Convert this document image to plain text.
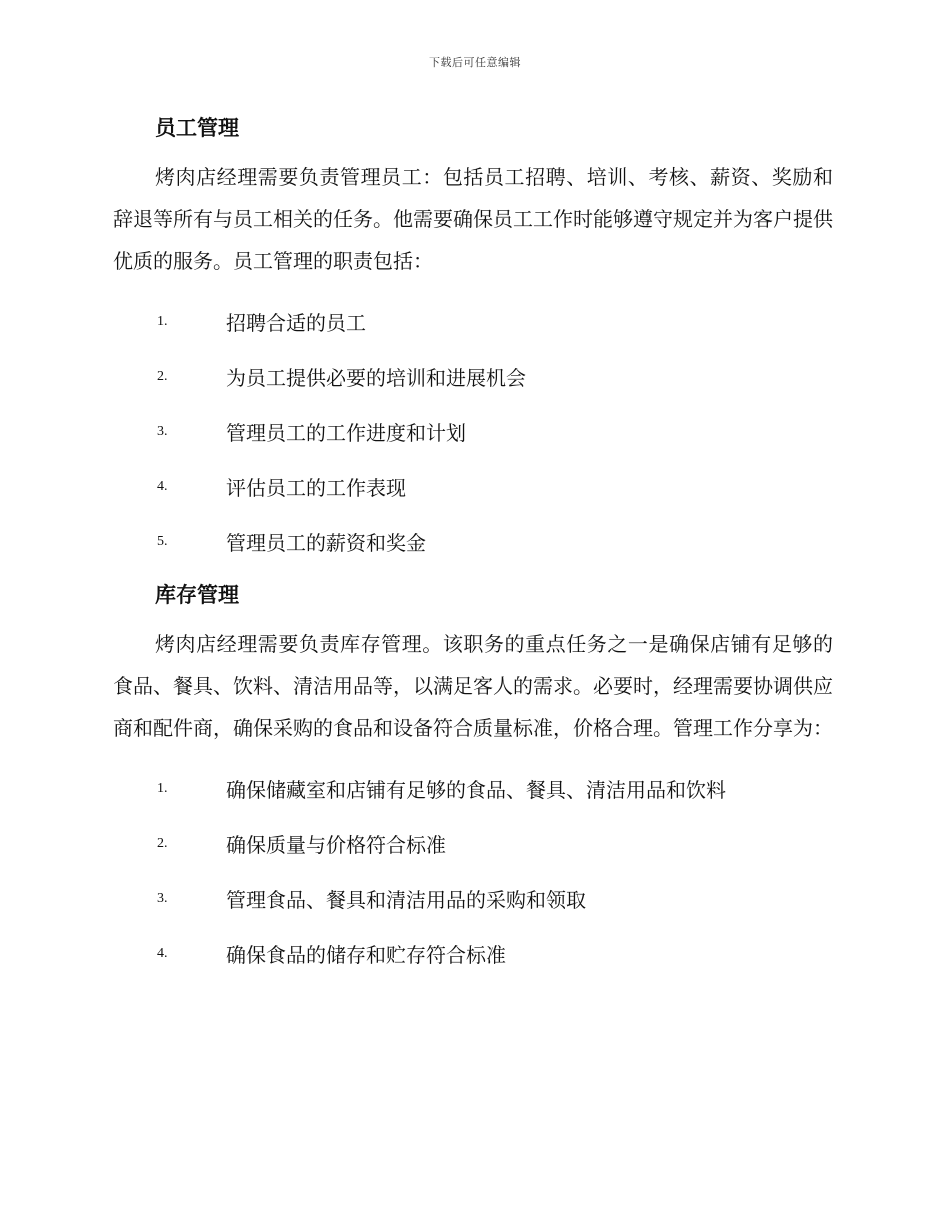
下载后可任意编辑
员工管理

烤肉店经理需要负责管理员工：包括员工招聘、培训、考核、薪资、奖励和辞退等所有与员工相关的任务。他需要确保员工工作时能够遵守规定并为客户提供优质的服务。员工管理的职责包括：

1.	招聘合适的员工
2.	为员工提供必要的培训和进展机会
3.	管理员工的工作进度和计划
4.	评估员工的工作表现
5.	管理员工的薪资和奖金
库存管理

烤肉店经理需要负责库存管理。该职务的重点任务之一是确保店铺有足够的食品、餐具、饮料、清洁用品等，以满足客人的需求。必要时，经理需要协调供应商和配件商，确保采购的食品和设备符合质量标准，价格合理。管理工作分享为：

1.	确保储藏室和店铺有足够的食品、餐具、清洁用品和饮料
2.	确保质量与价格符合标准
3.	管理食品、餐具和清洁用品的采购和领取
4.	确保食品的储存和贮存符合标准
